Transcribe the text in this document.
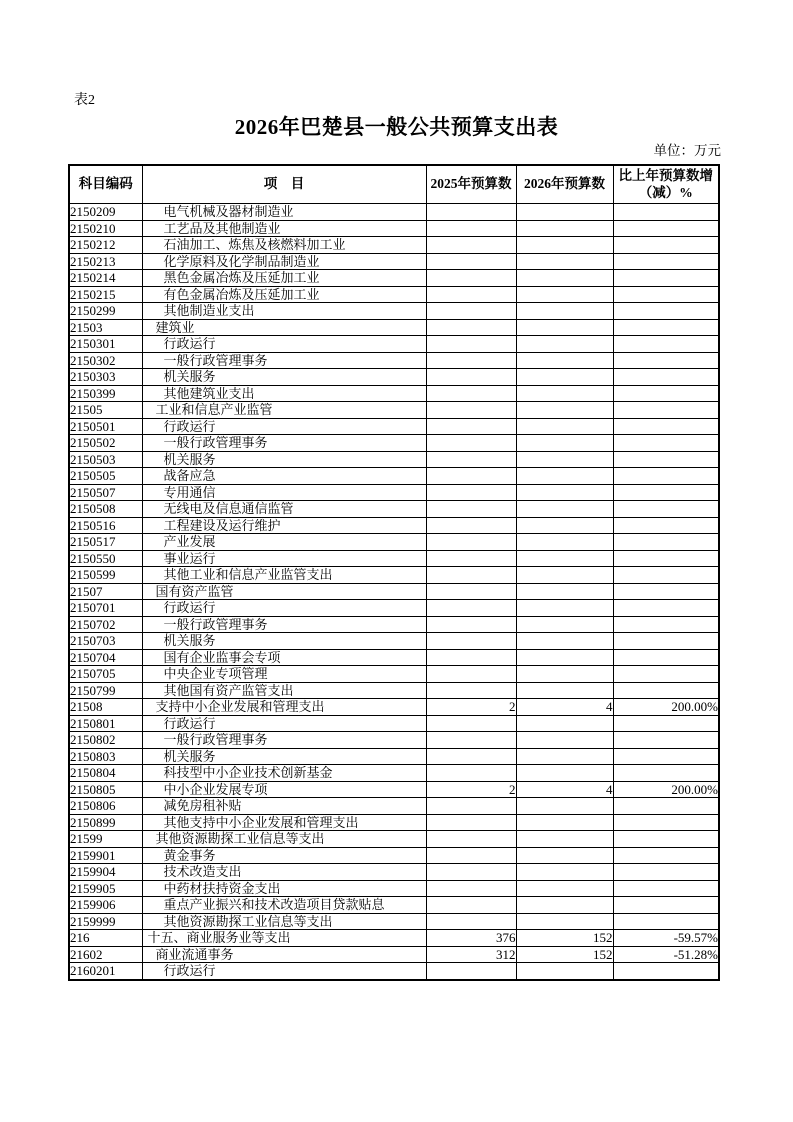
表2
2026年巴楚县一般公共预算支出表
单位：万元
科目编码	项　目	2025年预算数	2026年预算数	比上年预算数增（减）%
2150209	电气机械及器材制造业			
2150210	工艺品及其他制造业			
2150212	石油加工、炼焦及核燃料加工业			
2150213	化学原料及化学制品制造业			
2150214	黑色金属冶炼及压延加工业			
2150215	有色金属冶炼及压延加工业			
2150299	其他制造业支出			
21503	建筑业			
2150301	行政运行			
2150302	一般行政管理事务			
2150303	机关服务			
2150399	其他建筑业支出			
21505	工业和信息产业监管			
2150501	行政运行			
2150502	一般行政管理事务			
2150503	机关服务			
2150505	战备应急			
2150507	专用通信			
2150508	无线电及信息通信监管			
2150516	工程建设及运行维护			
2150517	产业发展			
2150550	事业运行			
2150599	其他工业和信息产业监管支出			
21507	国有资产监管			
2150701	行政运行			
2150702	一般行政管理事务			
2150703	机关服务			
2150704	国有企业监事会专项			
2150705	中央企业专项管理			
2150799	其他国有资产监管支出			
21508	支持中小企业发展和管理支出	2	4	200.00%
2150801	行政运行			
2150802	一般行政管理事务			
2150803	机关服务			
2150804	科技型中小企业技术创新基金			
2150805	中小企业发展专项	2	4	200.00%
2150806	减免房租补贴			
2150899	其他支持中小企业发展和管理支出			
21599	其他资源勘探工业信息等支出			
2159901	黄金事务			
2159904	技术改造支出			
2159905	中药材扶持资金支出			
2159906	重点产业振兴和技术改造项目贷款贴息			
2159999	其他资源勘探工业信息等支出			
216	十五、商业服务业等支出	376	152	-59.57%
21602	商业流通事务	312	152	-51.28%
2160201	行政运行			
